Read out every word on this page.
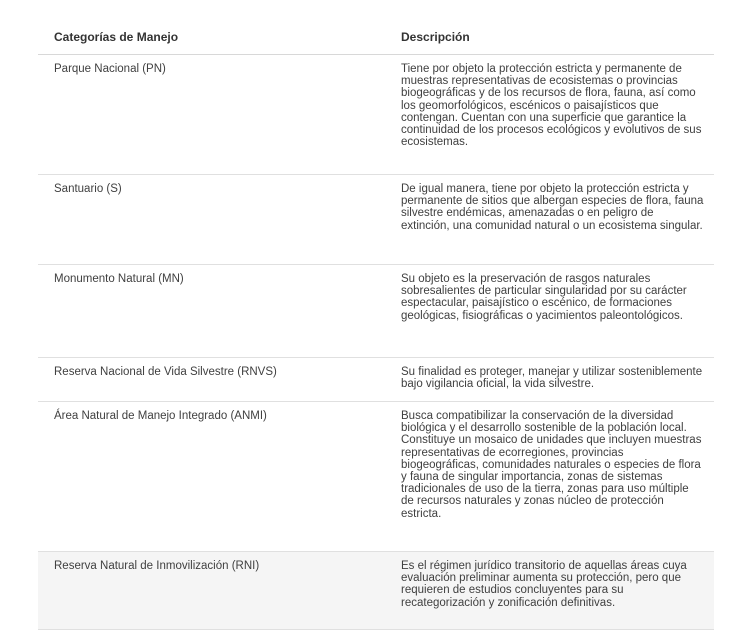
Categorías de Manejo	Descripción
Parque Nacional (PN)	Tiene por objeto la protección estricta y permanente de muestras representativas de ecosistemas o provincias biogeográficas y de los recursos de flora, fauna, así como los geomorfológicos, escénicos o paisajísticos que contengan. Cuentan con una superficie que garantice la continuidad de los procesos ecológicos y evolutivos de sus ecosistemas.
Santuario (S)	De igual manera, tiene por objeto la protección estricta y permanente de sitios que albergan especies de flora, fauna silvestre endémicas, amenazadas o en peligro de extinción, una comunidad natural o un ecosistema singular.
Monumento Natural (MN)	Su objeto es la preservación de rasgos naturales sobresalientes de particular singularidad por su carácter espectacular, paisajístico o escénico, de formaciones geológicas, fisiográficas o yacimientos paleontológicos.
Reserva Nacional de Vida Silvestre (RNVS)	Su finalidad es proteger, manejar y utilizar sosteniblemente bajo vigilancia oficial, la vida silvestre.
Área Natural de Manejo Integrado (ANMI)	Busca compatibilizar la conservación de la diversidad biológica y el desarrollo sostenible de la población local. Constituye un mosaico de unidades que incluyen muestras representativas de ecorregiones, provincias biogeográficas, comunidades naturales o especies de flora y fauna de singular importancia, zonas de sistemas tradicionales de uso de la tierra, zonas para uso múltiple de recursos naturales y zonas núcleo de protección estricta.
Reserva Natural de Inmovilización (RNI)	Es el régimen jurídico transitorio de aquellas áreas cuya evaluación preliminar aumenta su protección, pero que requieren de estudios concluyentes para su recategorización y zonificación definitivas.
